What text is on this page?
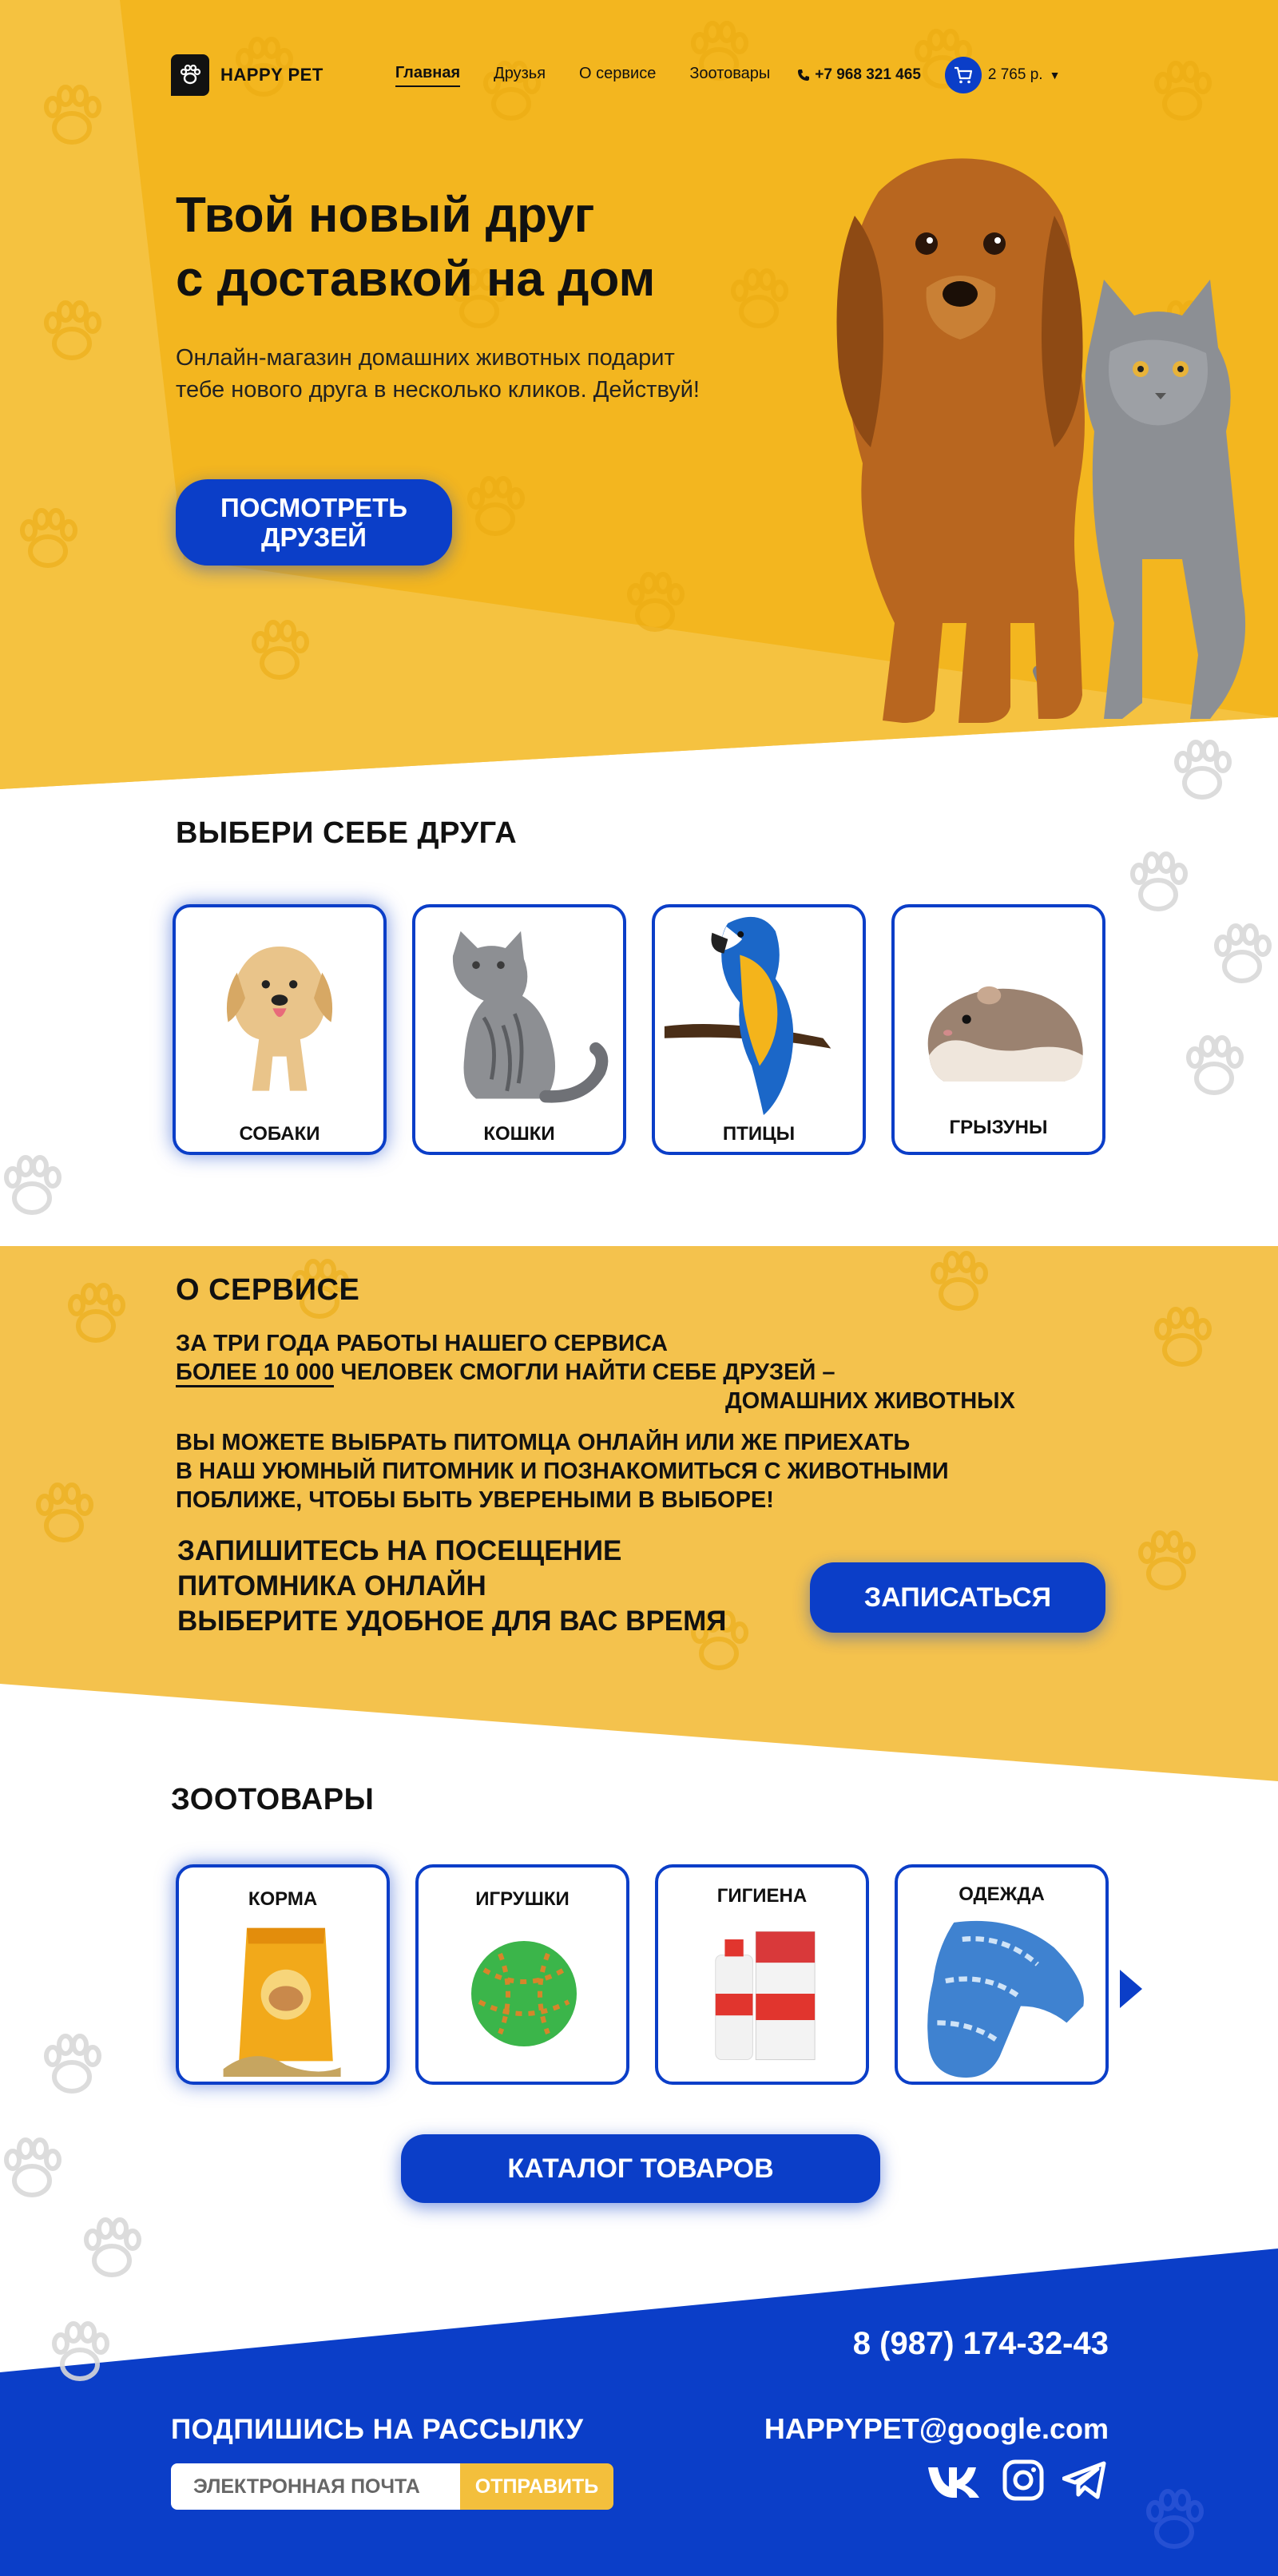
HAPPY PET	Главная Друзья О сервисе Зоотовары	+7 968 321 465	2 765 р. ▼
Твой новый друг
с доставкой на дом

Онлайн-магазин домашних животных подарит тебе нового друга в несколько кликов. Действуй!

ПОСМОТРЕТЬ ДРУЗЕЙ
ВЫБЕРИ СЕБЕ ДРУГА
СОБАКИ	КОШКИ	ПТИЦЫ	ГРЫЗУНЫ
О СЕРВИСЕ
ЗА ТРИ ГОДА РАБОТЫ НАШЕГО СЕРВИСА
БОЛЕЕ 10 000 ЧЕЛОВЕК СМОГЛИ НАЙТИ СЕБЕ ДРУЗЕЙ –
ДОМАШНИХ ЖИВОТНЫХ
ВЫ МОЖЕТЕ ВЫБРАТЬ ПИТОМЦА ОНЛАЙН ИЛИ ЖЕ ПРИЕХАТЬ
В НАШ УЮМНЫЙ ПИТОМНИК И ПОЗНАКОМИТЬСЯ С ЖИВОТНЫМИ
ПОБЛИЖЕ, ЧТОБЫ БЫТЬ УВЕРЕНЫМИ В ВЫБОРЕ!
ЗАПИШИТЕСЬ НА ПОСЕЩЕНИЕ
ПИТОМНИКА ОНЛАЙН
ВЫБЕРИТЕ УДОБНОЕ ДЛЯ ВАС ВРЕМЯ
ЗАПИСАТЬСЯ
ЗООТОВАРЫ
КОРМА	ИГРУШКИ	ГИГИЕНА	ОДЕЖДА
КАТАЛОГ ТОВАРОВ
8 (987) 174-32-43
HAPPYPET@google.com
ПОДПИШИСЬ НА РАССЫЛКУ
ЭЛЕКТРОННАЯ ПОЧТА
ОТПРАВИТЬ
